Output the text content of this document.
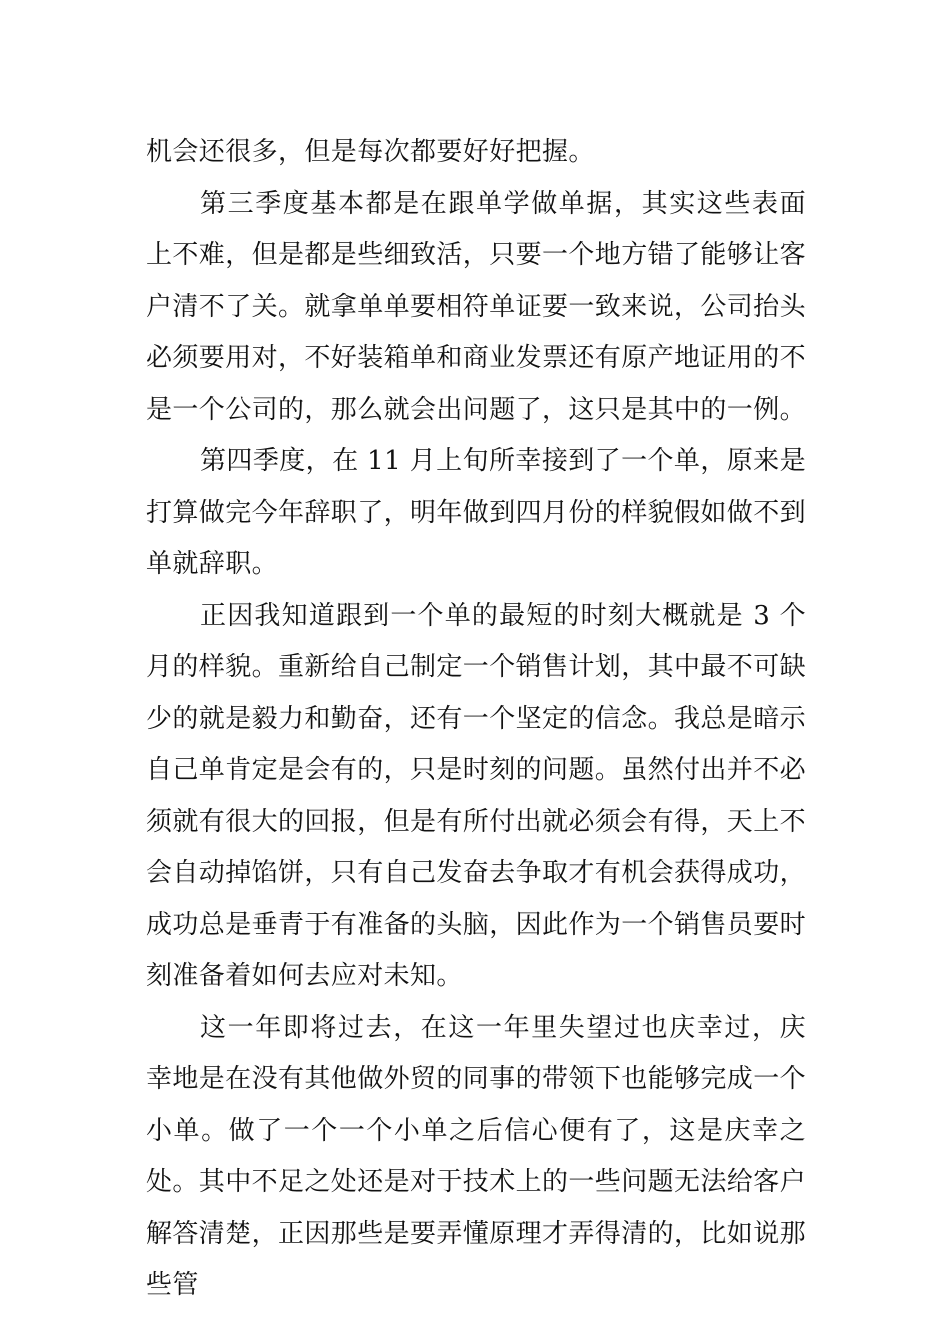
机会还很多，但是每次都要好好把握。

第三季度基本都是在跟单学做单据，其实这些表面上不难，但是都是些细致活，只要一个地方错了能够让客户清不了关。就拿单单要相符单证要一致来说，公司抬头必须要用对，不好装箱单和商业发票还有原产地证用的不是一个公司的，那么就会出问题了，这只是其中的一例。

第四季度，在 11 月上旬所幸接到了一个单，原来是打算做完今年辞职了，明年做到四月份的样貌假如做不到单就辞职。

正因我知道跟到一个单的最短的时刻大概就是 3 个月的样貌。重新给自己制定一个销售计划，其中最不可缺少的就是毅力和勤奋，还有一个坚定的信念。我总是暗示自己单肯定是会有的，只是时刻的问题。虽然付出并不必须就有很大的回报，但是有所付出就必须会有得，天上不会自动掉馅饼，只有自己发奋去争取才有机会获得成功，成功总是垂青于有准备的头脑，因此作为一个销售员要时刻准备着如何去应对未知。

这一年即将过去，在这一年里失望过也庆幸过，庆幸地是在没有其他做外贸的同事的带领下也能够完成一个小单。做了一个一个小单之后信心便有了，这是庆幸之处。其中不足之处还是对于技术上的一些问题无法给客户解答清楚，正因那些是要弄懂原理才弄得清的，比如说那些管
